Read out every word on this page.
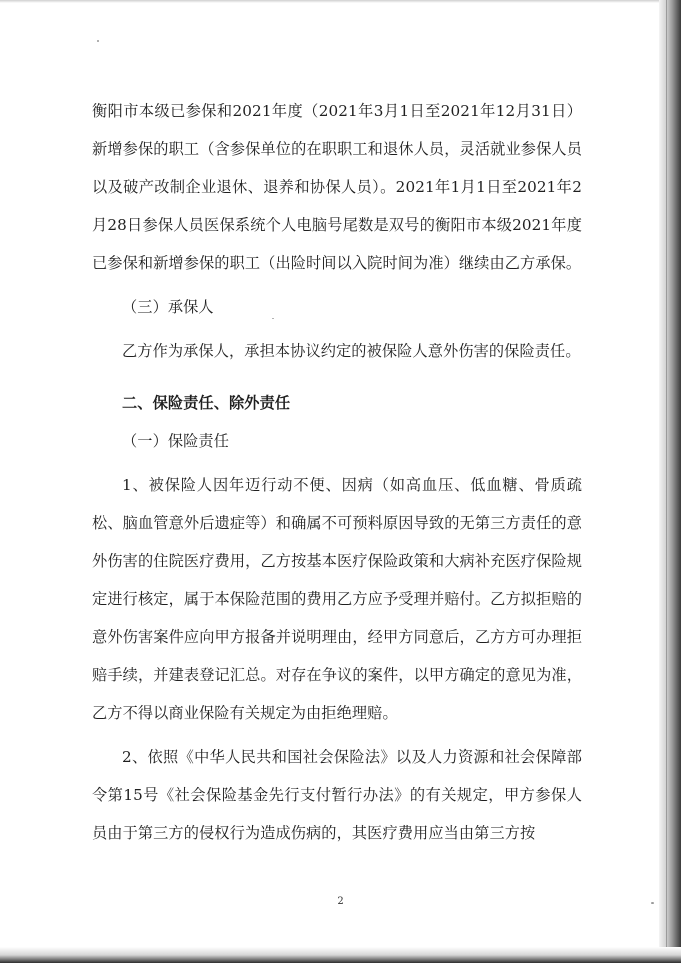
衡阳市本级已参保和2021年度（2021年3月1日至2021年12月31日）新增参保的职工（含参保单位的在职职工和退休人员，灵活就业参保人员以及破产改制企业退休、退养和协保人员）。2021年1月1日至2021年2月28日参保人员医保系统个人电脑号尾数是双号的衡阳市本级2021年度已参保和新增参保的职工（出险时间以入院时间为准）继续由乙方承保。

（三）承保人

乙方作为承保人，承担本协议约定的被保险人意外伤害的保险责任。

二、保险责任、除外责任

（一）保险责任

1、被保险人因年迈行动不便、因病（如高血压、低血糖、骨质疏松、脑血管意外后遗症等）和确属不可预料原因导致的无第三方责任的意外伤害的住院医疗费用，乙方按基本医疗保险政策和大病补充医疗保险规定进行核定，属于本保险范围的费用乙方应予受理并赔付。乙方拟拒赔的意外伤害案件应向甲方报备并说明理由，经甲方同意后，乙方方可办理拒赔手续，并建表登记汇总。对存在争议的案件，以甲方确定的意见为准，乙方不得以商业保险有关规定为由拒绝理赔。

2、依照《中华人民共和国社会保险法》以及人力资源和社会保障部令第15号《社会保险基金先行支付暂行办法》的有关规定，甲方参保人员由于第三方的侵权行为造成伤病的，其医疗费用应当由第三方按

2
